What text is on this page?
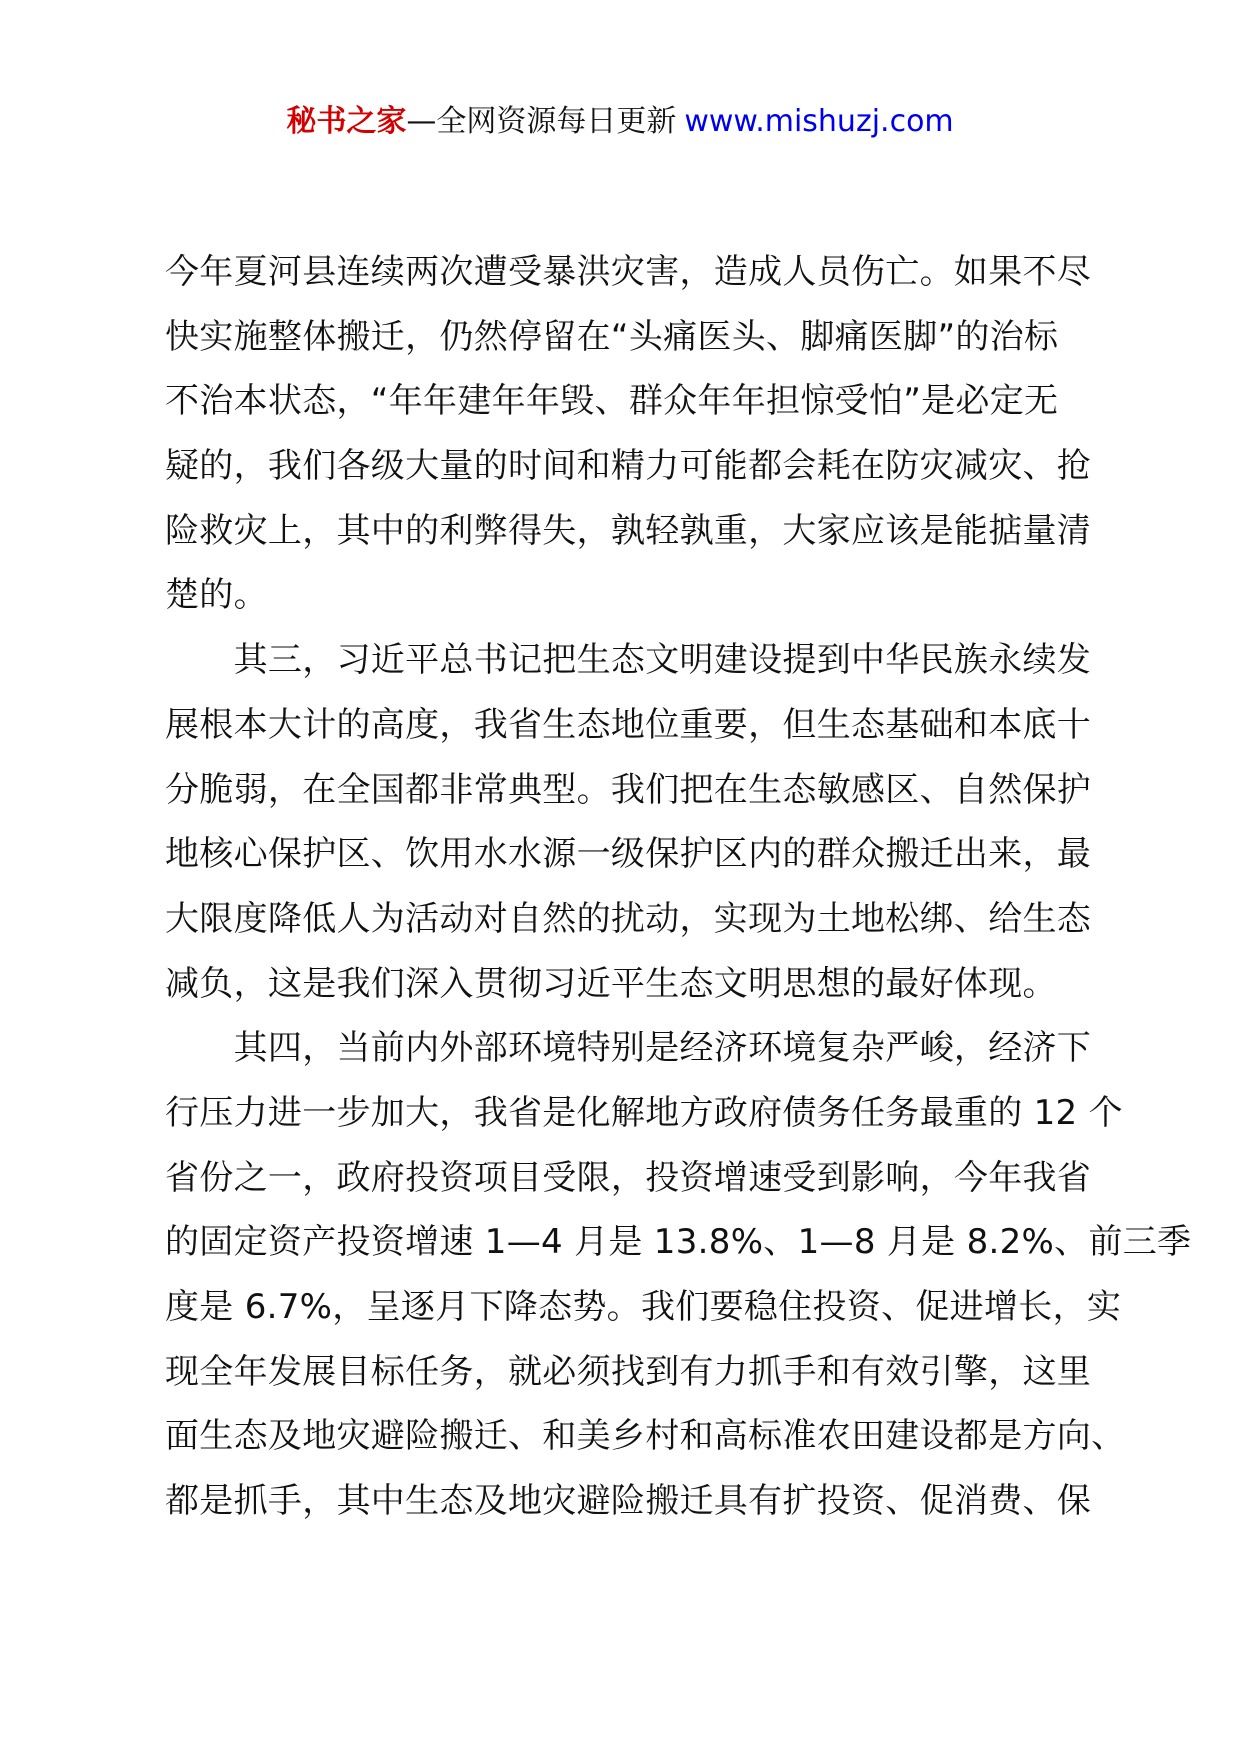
秘书之家—全网资源每日更新 www.mishuzj.com
今年夏河县连续两次遭受暴洪灾害，造成人员伤亡。如果不尽
快实施整体搬迁，仍然停留在“头痛医头、脚痛医脚”的治标
不治本状态，“年年建年年毁、群众年年担惊受怕”是必定无
疑的，我们各级大量的时间和精力可能都会耗在防灾减灾、抢
险救灾上，其中的利弊得失，孰轻孰重，大家应该是能掂量清
楚的。
　　其三，习近平总书记把生态文明建设提到中华民族永续发
展根本大计的高度，我省生态地位重要，但生态基础和本底十
分脆弱，在全国都非常典型。我们把在生态敏感区、自然保护
地核心保护区、饮用水水源一级保护区内的群众搬迁出来，最
大限度降低人为活动对自然的扰动，实现为土地松绑、给生态
减负，这是我们深入贯彻习近平生态文明思想的最好体现。
　　其四，当前内外部环境特别是经济环境复杂严峻，经济下
行压力进一步加大，我省是化解地方政府债务任务最重的 12 个
省份之一，政府投资项目受限，投资增速受到影响，今年我省
的固定资产投资增速 1—4 月是 13.8%、1—8 月是 8.2%、前三季
度是 6.7%，呈逐月下降态势。我们要稳住投资、促进增长，实
现全年发展目标任务，就必须找到有力抓手和有效引擎，这里
面生态及地灾避险搬迁、和美乡村和高标准农田建设都是方向、
都是抓手，其中生态及地灾避险搬迁具有扩投资、促消费、保
